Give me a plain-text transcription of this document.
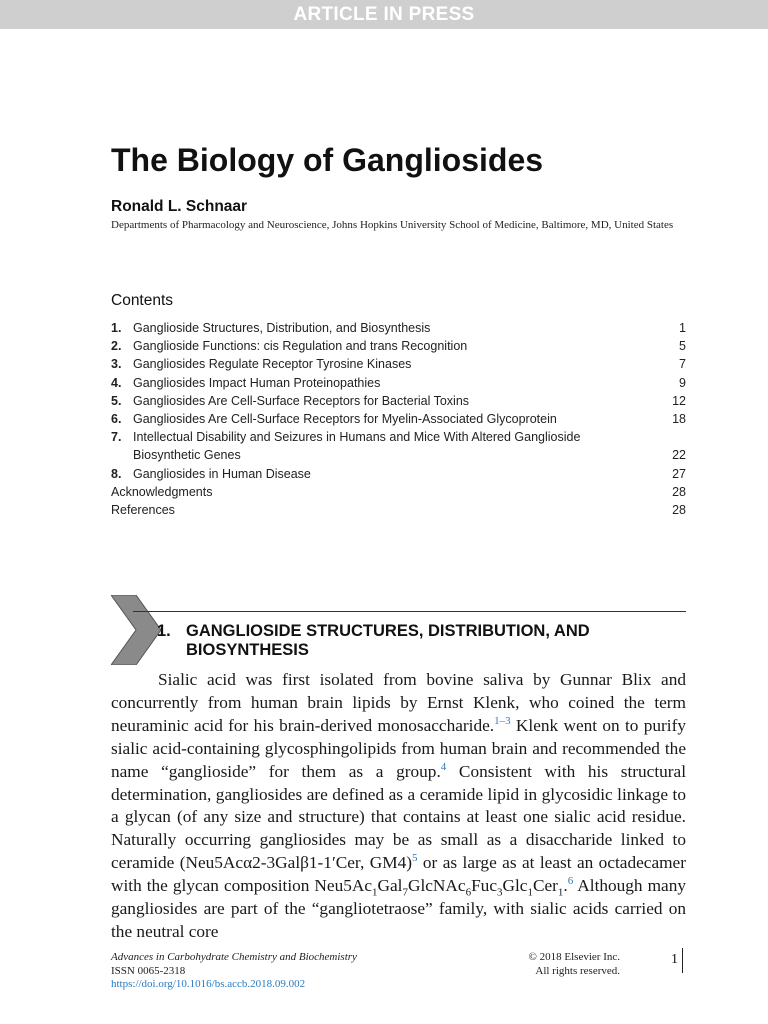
ARTICLE IN PRESS
The Biology of Gangliosides
Ronald L. Schnaar
Departments of Pharmacology and Neuroscience, Johns Hopkins University School of Medicine, Baltimore, MD, United States
Contents
1. Ganglioside Structures, Distribution, and Biosynthesis	1
2. Ganglioside Functions: cis Regulation and trans Recognition	5
3. Gangliosides Regulate Receptor Tyrosine Kinases	7
4. Gangliosides Impact Human Proteinopathies	9
5. Gangliosides Are Cell-Surface Receptors for Bacterial Toxins	12
6. Gangliosides Are Cell-Surface Receptors for Myelin-Associated Glycoprotein	18
7. Intellectual Disability and Seizures in Humans and Mice With Altered Ganglioside
Biosynthetic Genes	22
8. Gangliosides in Human Disease	27
Acknowledgments	28
References	28
1. GANGLIOSIDE STRUCTURES, DISTRIBUTION, AND BIOSYNTHESIS

Sialic acid was first isolated from bovine saliva by Gunnar Blix and concurrently from human brain lipids by Ernst Klenk, who coined the term neuraminic acid for his brain-derived monosaccharide.$^{1-3}$ Klenk went on to purify sialic acid-containing glycosphingolipids from human brain and recommended the name “ganglioside” for them as a group.$^4$ Consistent with his structural determination, gangliosides are defined as a ceramide lipid in glycosidic linkage to a glycan (of any size and structure) that contains at least one sialic acid residue. Naturally occurring gangliosides may be as small as a disaccharide linked to ceramide (Neu5Acα2-3Galβ1-1′Cer, GM4)$^5$ or as large as at least an octadecamer with the glycan composition $Neu5Ac_1Gal_7GlcNAc_6Fuc_3Glc_1Cer_1.^6$ Although many gangliosides are part of the “gangliotetraose” family, with sialic acids carried on the neutral core

Advances in Carbohydrate Chemistry and Biochemistry
ISSN 0065-2318
https://doi.org/10.1016/bs.accb.2018.09.002
© 2018 Elsevier Inc.
All rights reserved.
1
